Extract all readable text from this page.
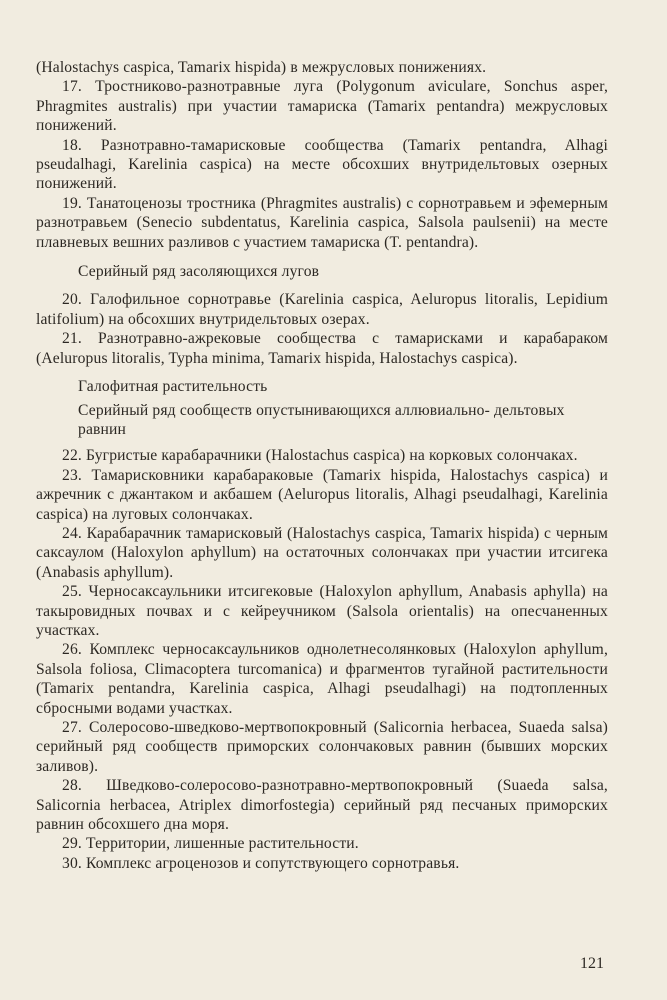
(Halostachys caspica, Tamarix hispida) в межрусловых понижениях.

17. Тростниково-разнотравные луга (Polygonum aviculare, Sonchus asper, Phragmites australis) при участии тамариска (Tamarix pentandra) межрусловых понижений.

18. Разнотравно-тамарисковые сообщества (Tamarix pentandra, Alhagi pseudalhagi, Karelinia caspica) на месте обсохших внутридельтовых озерных понижений.

19. Танатоценозы тростника (Phragmites australis) с сорнотравьем и эфемерным разнотравьем (Senecio subdentatus, Karelinia caspica, Salsola paulsenii) на месте плавневых вешних разливов с участием тамариска (T. pentandra).

Серийный ряд засоляющихся лугов

20. Галофильное сорнотравье (Karelinia caspica, Aeluropus litoralis, Lepidium latifolium) на обсохших внутридельтовых озерах.

21. Разнотравно-ажрековые сообщества с тамарисками и карабараком (Aeluropus litoralis, Typha minima, Tamarix hispida, Halostachys caspica).

Галофитная растительность

Серийный ряд сообществ опустынивающихся аллювиально- дельтовых равнин

22. Бугристые карабарачники (Halostachus caspica) на корковых солончаках.

23. Тамарисковники карабараковые (Tamarix hispida, Halostachys caspica) и ажречник с джантаком и акбашем (Aeluropus litoralis, Alhagi pseudalhagi, Karelinia caspica) на луговых солончаках.

24. Карабарачник тамарисковый (Halostachys caspica, Tamarix hispida) с черным саксаулом (Haloxylon aphyllum) на остаточных солончаках при участии итсигека (Anabasis aphyllum).

25. Черносаксаульники итсигековые (Haloxylon aphyllum, Anabasis aphylla) на такыровидных почвах и с кейреучником (Salsola orientalis) на опесчаненных участках.

26. Комплекс черносаксаульников однолетнесолянковых (Haloxylon aphyllum, Salsola foliosa, Climacoptera turcomanica) и фрагментов тугайной растительности (Tamarix pentandra, Karelinia caspica, Alhagi pseudalhagi) на подтопленных сбросными водами участках.

27. Солеросово-шведково-мертвопокровный (Salicornia herbacea, Suaeda salsa) серийный ряд сообществ приморских солончаковых равнин (бывших морских заливов).

28. Шведково-солеросово-разнотравно-мертвопокровный (Suaeda salsa, Salicornia herbacea, Atriplex dimorfostegia) серийный ряд песчаных приморских равнин обсохшего дна моря.

29. Территории, лишенные растительности.

30. Комплекс агроценозов и сопутствующего сорнотравья.

121
